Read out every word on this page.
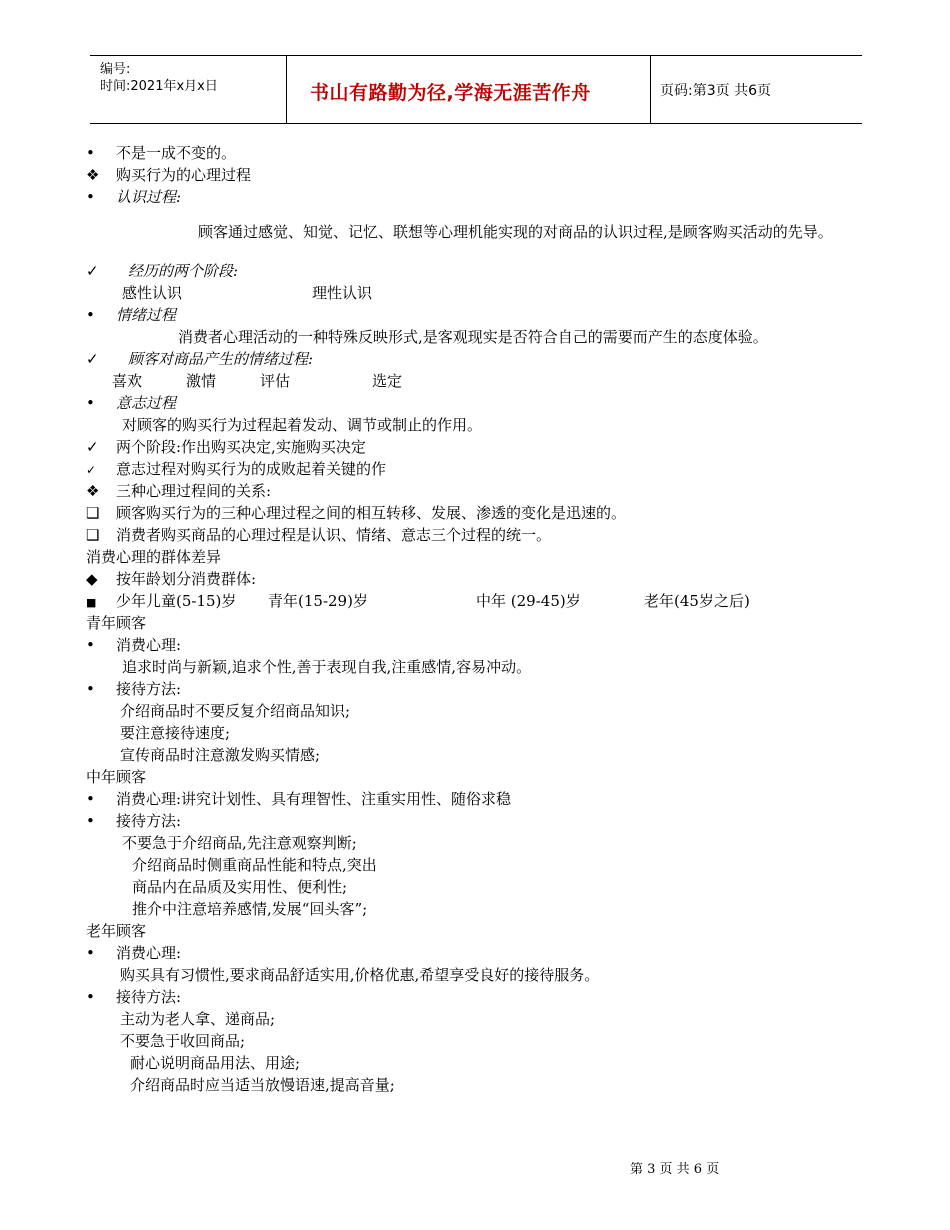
编号:
时间:2021年x月x日	书山有路勤为径,学海无涯苦作舟	页码:第3页 共6页
• 不是一成不变的。
❖ 购买行为的心理过程
• 认识过程:
顾客通过感觉、知觉、记忆、联想等心理机能实现的对商品的认识过程,是顾客购买活动的先导。
✓ 经历的两个阶段:
感性认识	理性认识
• 情绪过程
消费者心理活动的一种特殊反映形式,是客观现实是否符合自己的需要而产生的态度体验。
✓ 顾客对商品产生的情绪过程:
喜欢	激情	评估	选定
• 意志过程
对顾客的购买行为过程起着发动、调节或制止的作用。
✓ 两个阶段:作出购买决定,实施购买决定
✓ 意志过程对购买行为的成败起着关键的作
❖ 三种心理过程间的关系:
❑ 顾客购买行为的三种心理过程之间的相互转移、发展、渗透的变化是迅速的。
❑ 消费者购买商品的心理过程是认识、情绪、意志三个过程的统一。
消费心理的群体差异
◆ 按年龄划分消费群体:
■ 少年儿童(5-15)岁 青年(15-29)岁	中年 (29-45)岁	老年(45岁之后)
青年顾客
• 消费心理:
追求时尚与新颖,追求个性,善于表现自我,注重感情,容易冲动。
• 接待方法:
介绍商品时不要反复介绍商品知识;
要注意接待速度;
宣传商品时注意激发购买情感;
中年顾客
• 消费心理:讲究计划性、具有理智性、注重实用性、随俗求稳
• 接待方法:
不要急于介绍商品,先注意观察判断;
介绍商品时侧重商品性能和特点,突出
商品内在品质及实用性、便利性;
推介中注意培养感情,发展“回头客”;
老年顾客
• 消费心理:
购买具有习惯性,要求商品舒适实用,价格优惠,希望享受良好的接待服务。
• 接待方法:
主动为老人拿、递商品;
不要急于收回商品;
耐心说明商品用法、用途;
介绍商品时应当适当放慢语速,提高音量;
第 3 页 共 6 页
